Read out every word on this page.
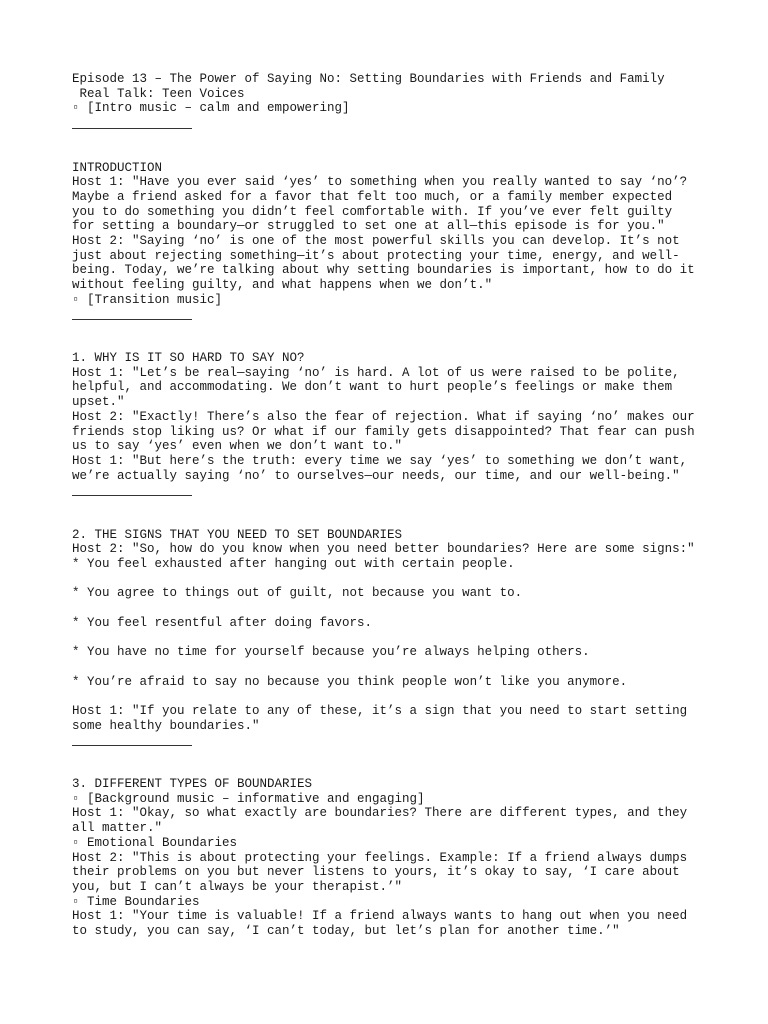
Episode 13 – The Power of Saying No: Setting Boundaries with Friends and Family
Real Talk: Teen Voices
▫ [Intro music – calm and empowering]
INTRODUCTION
Host 1: "Have you ever said ‘yes’ to something when you really wanted to say ‘no’?
Maybe a friend asked for a favor that felt too much, or a family member expected
you to do something you didn’t feel comfortable with. If you’ve ever felt guilty
for setting a boundary—or struggled to set one at all—this episode is for you."
Host 2: "Saying ‘no’ is one of the most powerful skills you can develop. It’s not
just about rejecting something—it’s about protecting your time, energy, and well-
being. Today, we’re talking about why setting boundaries is important, how to do it
without feeling guilty, and what happens when we don’t."
▫ [Transition music]
1. WHY IS IT SO HARD TO SAY NO?
Host 1: "Let’s be real—saying ‘no’ is hard. A lot of us were raised to be polite,
helpful, and accommodating. We don’t want to hurt people’s feelings or make them
upset."
Host 2: "Exactly! There’s also the fear of rejection. What if saying ‘no’ makes our
friends stop liking us? Or what if our family gets disappointed? That fear can push
us to say ‘yes’ even when we don’t want to."
Host 1: "But here’s the truth: every time we say ‘yes’ to something we don’t want,
we’re actually saying ‘no’ to ourselves—our needs, our time, and our well-being."
2. THE SIGNS THAT YOU NEED TO SET BOUNDARIES
Host 2: "So, how do you know when you need better boundaries? Here are some signs:"
* You feel exhausted after hanging out with certain people.
* You agree to things out of guilt, not because you want to.
* You feel resentful after doing favors.
* You have no time for yourself because you’re always helping others.
* You’re afraid to say no because you think people won’t like you anymore.
Host 1: "If you relate to any of these, it’s a sign that you need to start setting
some healthy boundaries."
3. DIFFERENT TYPES OF BOUNDARIES
▫ [Background music – informative and engaging]
Host 1: "Okay, so what exactly are boundaries? There are different types, and they
all matter."
▫ Emotional Boundaries
Host 2: "This is about protecting your feelings. Example: If a friend always dumps
their problems on you but never listens to yours, it’s okay to say, ‘I care about
you, but I can’t always be your therapist.’"
▫ Time Boundaries
Host 1: "Your time is valuable! If a friend always wants to hang out when you need
to study, you can say, ‘I can’t today, but let’s plan for another time.’"
